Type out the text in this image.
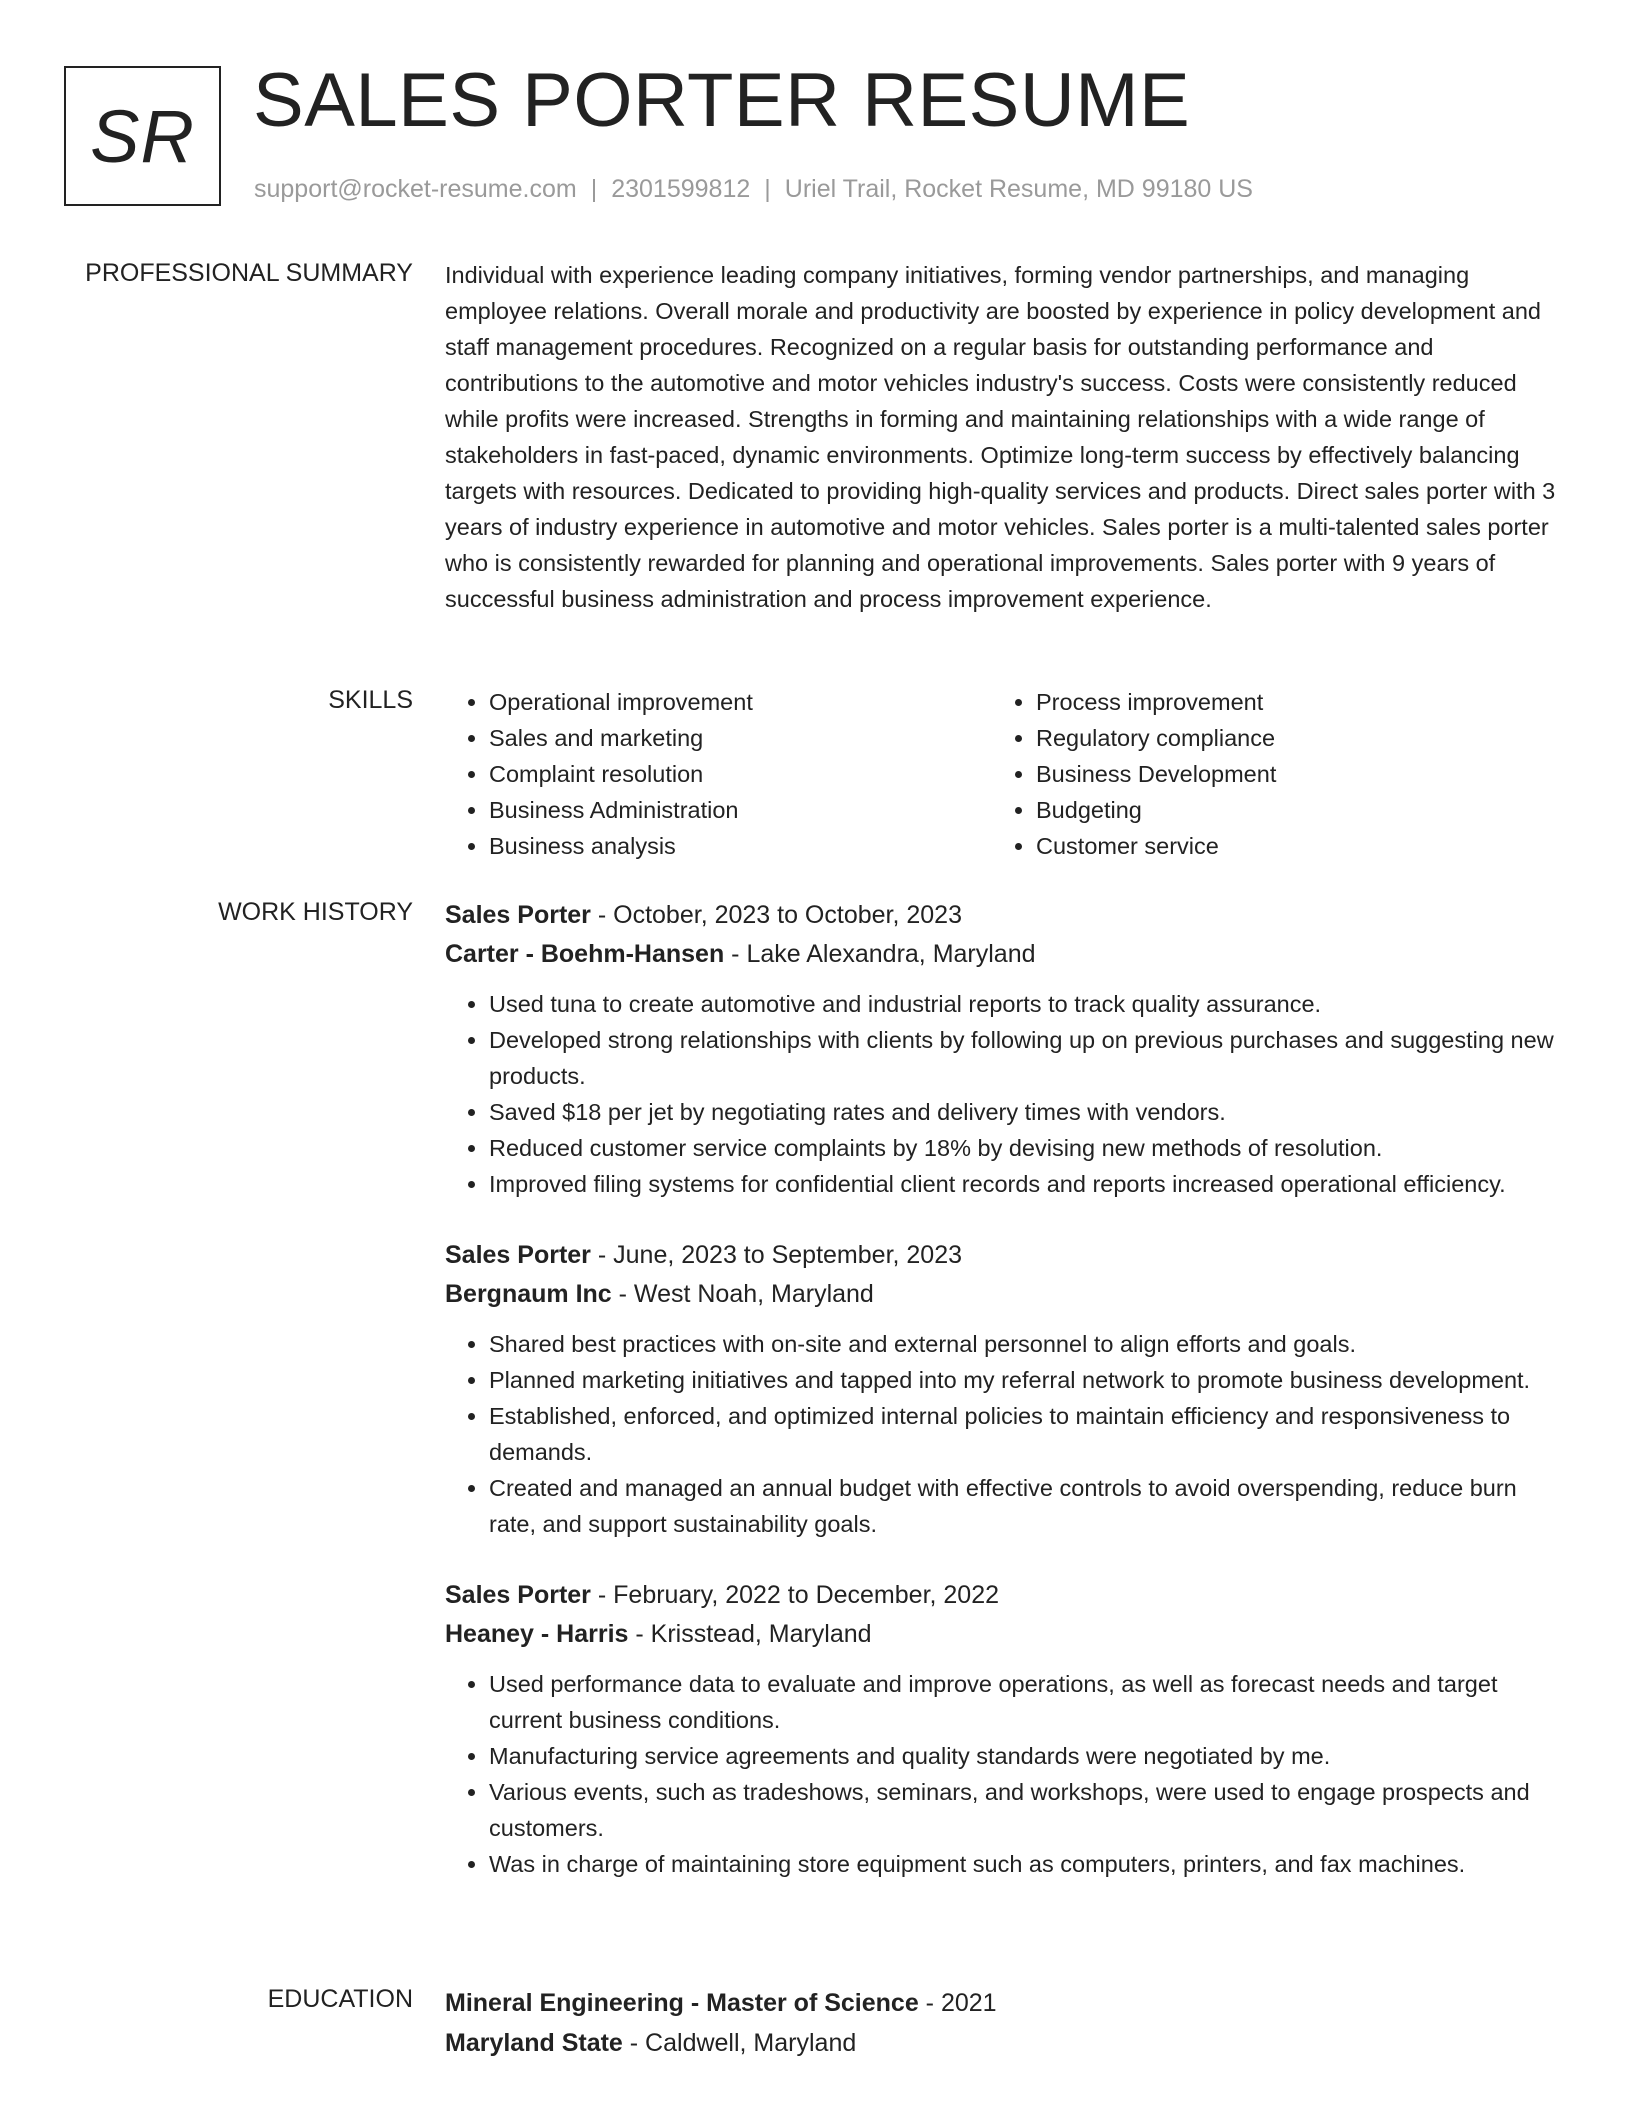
SR SALES PORTER RESUME
support@rocket-resume.com | 2301599812 | Uriel Trail, Rocket Resume, MD 99180 US
PROFESSIONAL SUMMARY Individual with experience leading company initiatives, forming vendor partnerships, and managing employee relations. Overall morale and productivity are boosted by experience in policy development and staff management procedures. Recognized on a regular basis for outstanding performance and contributions to the automotive and motor vehicles industry's success. Costs were consistently reduced while profits were increased. Strengths in forming and maintaining relationships with a wide range of stakeholders in fast-paced, dynamic environments. Optimize long-term success by effectively balancing targets with resources. Dedicated to providing high-quality services and products. Direct sales porter with 3 years of industry experience in automotive and motor vehicles. Sales porter is a multi-talented sales porter who is consistently rewarded for planning and operational improvements. Sales porter with 9 years of successful business administration and process improvement experience.

SKILLS
•	Operational improvement
• Sales and marketing
• Complaint resolution
• Business Administration
• Business analysis
• Process improvement
• Regulatory compliance
• Business Development
• Budgeting
• Customer service
WORK HISTORY Sales Porter - October, 2023 to October, 2023
Carter - Boehm-Hansen - Lake Alexandra, Maryland
• Used tuna to create automotive and industrial reports to track quality assurance.
• Developed strong relationships with clients by following up on previous purchases and suggesting new products.
• Saved $18 per jet by negotiating rates and delivery times with vendors.
• Reduced customer service complaints by 18% by devising new methods of resolution.
• Improved filing systems for confidential client records and reports increased operational efficiency.
Sales Porter - June, 2023 to September, 2023
Bergnaum Inc - West Noah, Maryland
• Shared best practices with on-site and external personnel to align efforts and goals.
• Planned marketing initiatives and tapped into my referral network to promote business development.
• Established, enforced, and optimized internal policies to maintain efficiency and responsiveness to demands.
• Created and managed an annual budget with effective controls to avoid overspending, reduce burn rate, and support sustainability goals.
Sales Porter - February, 2022 to December, 2022
Heaney - Harris - Krisstead, Maryland
• Used performance data to evaluate and improve operations, as well as forecast needs and target current business conditions.
• Manufacturing service agreements and quality standards were negotiated by me.
• Various events, such as tradeshows, seminars, and workshops, were used to engage prospects and customers.
• Was in charge of maintaining store equipment such as computers, printers, and fax machines.
EDUCATION Mineral Engineering - Master of Science - 2021
Maryland State - Caldwell, Maryland
